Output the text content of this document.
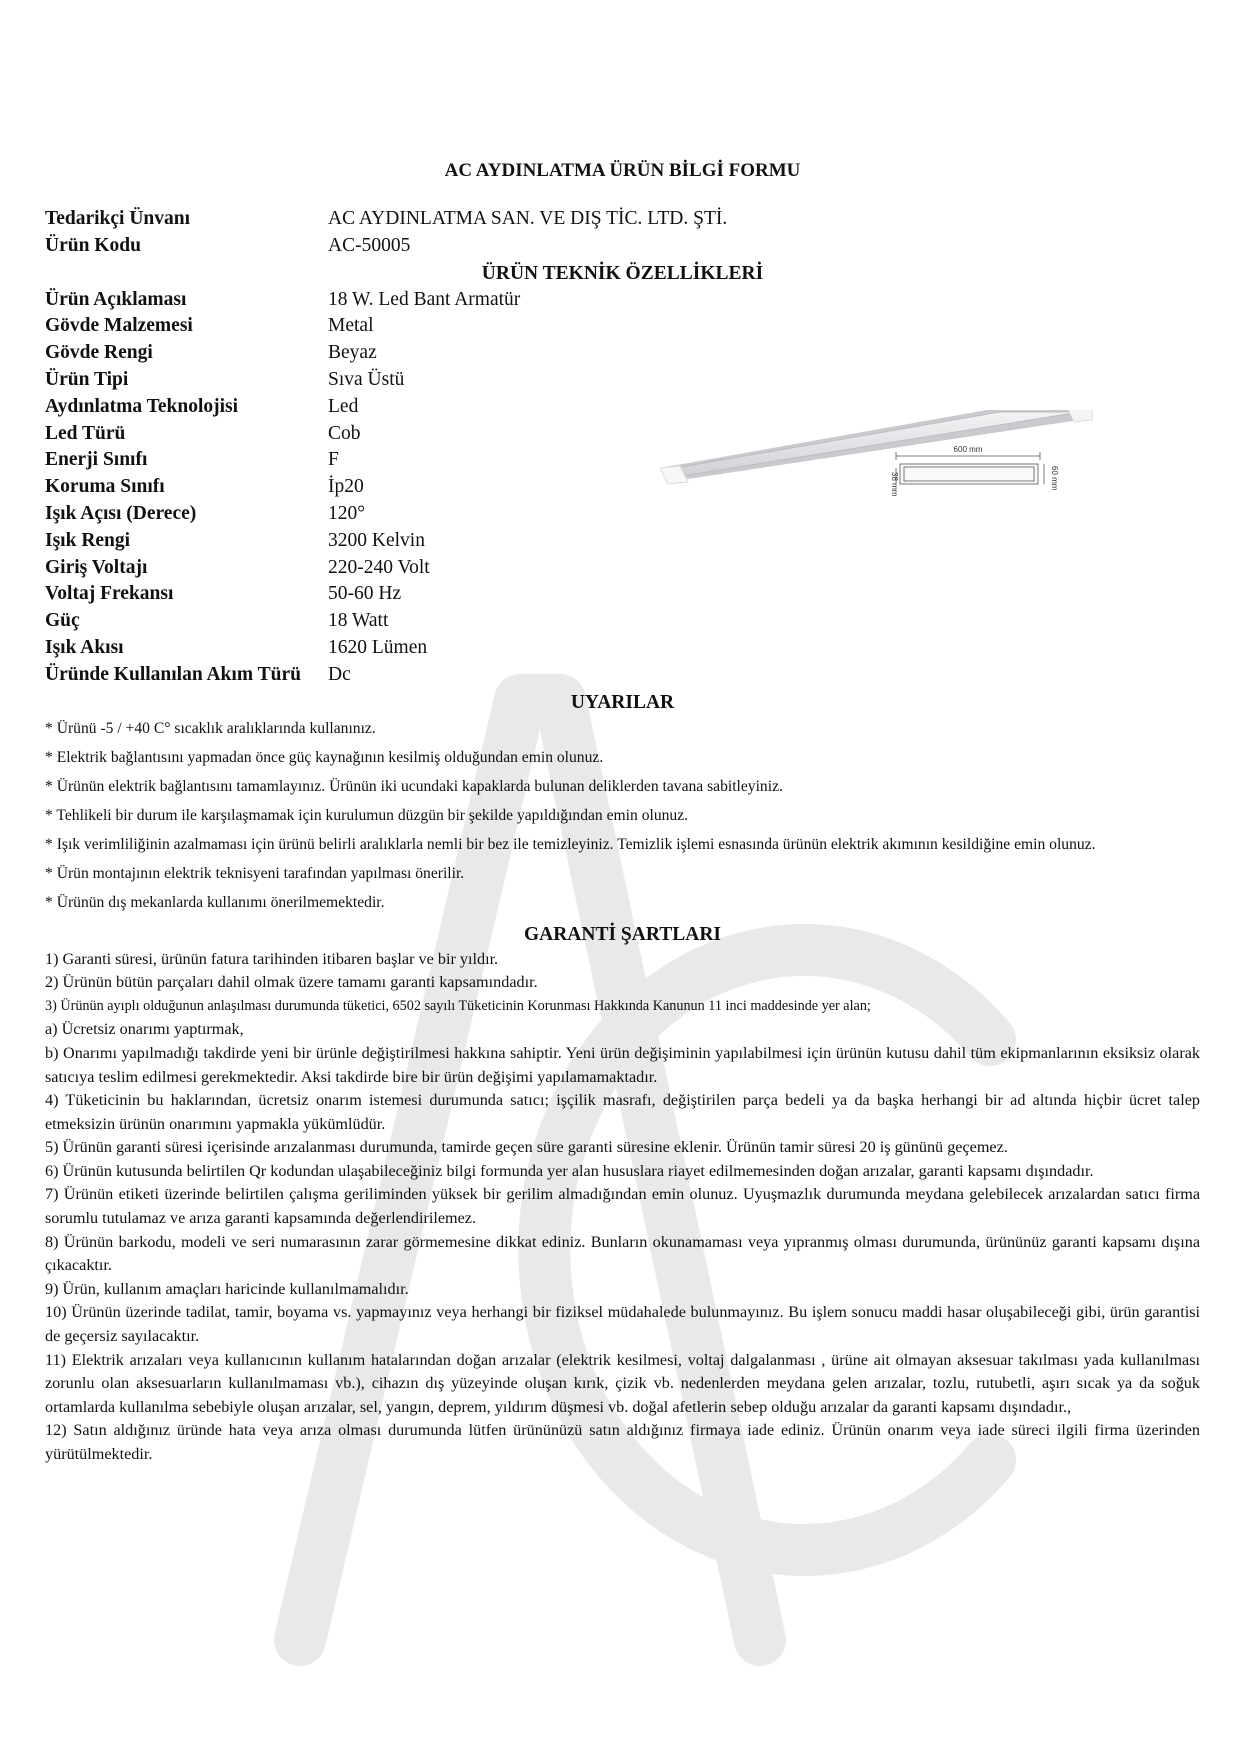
AC AYDINLATMA ÜRÜN BİLGİ FORMU
Tedarikçi Ünvanı	AC AYDINLATMA SAN. VE DIŞ TİC. LTD. ŞTİ.
Ürün Kodu	AC-50005
ÜRÜN TEKNİK ÖZELLİKLERİ
Ürün Açıklaması	18 W. Led Bant Armatür
Gövde Malzemesi	Metal
Gövde Rengi	Beyaz
Ürün Tipi	Sıva Üstü
Aydınlatma Teknolojisi	Led
Led Türü	Cob
Enerji Sınıfı	F
Koruma Sınıfı	İp20
Işık Açısı (Derece)	120°
Işık Rengi	3200 Kelvin
Giriş Voltajı	220-240 Volt
Voltaj Frekansı	50-60 Hz
Güç	18 Watt
Işık Akısı	1620 Lümen
Üründe Kullanılan Akım Türü	Dc
UYARILAR

* Ürünü -5 / +40 C° sıcaklık aralıklarında kullanınız.

* Elektrik bağlantısını yapmadan önce güç kaynağının kesilmiş olduğundan emin olunuz.

* Ürünün elektrik bağlantısını tamamlayınız. Ürünün iki ucundaki kapaklarda bulunan deliklerden tavana sabitleyiniz.

* Tehlikeli bir durum ile karşılaşmamak için kurulumun düzgün bir şekilde yapıldığından emin olunuz.

* Işık verimliliğinin azalmaması için ürünü belirli aralıklarla nemli bir bez ile temizleyiniz. Temizlik işlemi esnasında ürünün elektrik akımının kesildiğine emin olunuz.

* Ürün montajının elektrik teknisyeni tarafından yapılması önerilir.

* Ürünün dış mekanlarda kullanımı önerilmemektedir.

GARANTİ ŞARTLARI

1) Garanti süresi, ürünün fatura tarihinden itibaren başlar ve bir yıldır.

2) Ürünün bütün parçaları dahil olmak üzere tamamı garanti kapsamındadır.

3) Ürünün ayıplı olduğunun anlaşılması durumunda tüketici, 6502 sayılı Tüketicinin Korunması Hakkında Kanunun 11 inci maddesinde yer alan;

a) Ücretsiz onarımı yaptırmak,

b) Onarımı yapılmadığı takdirde yeni bir ürünle değiştirilmesi hakkına sahiptir. Yeni ürün değişiminin yapılabilmesi için ürünün kutusu dahil tüm ekipmanlarının eksiksiz olarak satıcıya teslim edilmesi gerekmektedir. Aksi takdirde bire bir ürün değişimi yapılamamaktadır.

4) Tüketicinin bu haklarından, ücretsiz onarım istemesi durumunda satıcı; işçilik masrafı, değiştirilen parça bedeli ya da başka herhangi bir ad altında hiçbir ücret talep etmeksizin ürünün onarımını yapmakla yükümlüdür.

5) Ürünün garanti süresi içerisinde arızalanması durumunda, tamirde geçen süre garanti süresine eklenir. Ürünün tamir süresi 20 iş gününü geçemez.

6) Ürünün kutusunda belirtilen Qr kodundan ulaşabileceğiniz bilgi formunda yer alan hususlara riayet edilmemesinden doğan arızalar, garanti kapsamı dışındadır.

7) Ürünün etiketi üzerinde belirtilen çalışma geriliminden yüksek bir gerilim almadığından emin olunuz. Uyuşmazlık durumunda meydana gelebilecek arızalardan satıcı firma sorumlu tutulamaz ve arıza garanti kapsamında değerlendirilemez.

8) Ürünün barkodu, modeli ve seri numarasının zarar görmemesine dikkat ediniz. Bunların okunamaması veya yıpranmış olması durumunda, ürününüz garanti kapsamı dışına çıkacaktır.

9) Ürün, kullanım amaçları haricinde kullanılmamalıdır.

10) Ürünün üzerinde tadilat, tamir, boyama vs. yapmayınız veya herhangi bir fiziksel müdahalede bulunmayınız. Bu işlem sonucu maddi hasar oluşabileceği gibi, ürün garantisi de geçersiz sayılacaktır.

11) Elektrik arızaları veya kullanıcının kullanım hatalarından doğan arızalar (elektrik kesilmesi, voltaj dalgalanması , ürüne ait olmayan aksesuar takılması yada kullanılması zorunlu olan aksesuarların kullanılmaması vb.), cihazın dış yüzeyinde oluşan kırık, çizik vb. nedenlerden meydana gelen arızalar, tozlu, rutubetli, aşırı sıcak ya da soğuk ortamlarda kullanılma sebebiyle oluşan arızalar, sel, yangın, deprem, yıldırım düşmesi vb. doğal afetlerin sebep olduğu arızalar da garanti kapsamı dışındadır.,

12) Satın aldığınız üründe hata veya arıza olması durumunda lütfen ürününüzü satın aldığınız firmaya iade ediniz. Ürünün onarım veya iade süreci ilgili firma üzerinden yürütülmektedir.

600 mm
60 mm
38 mm
